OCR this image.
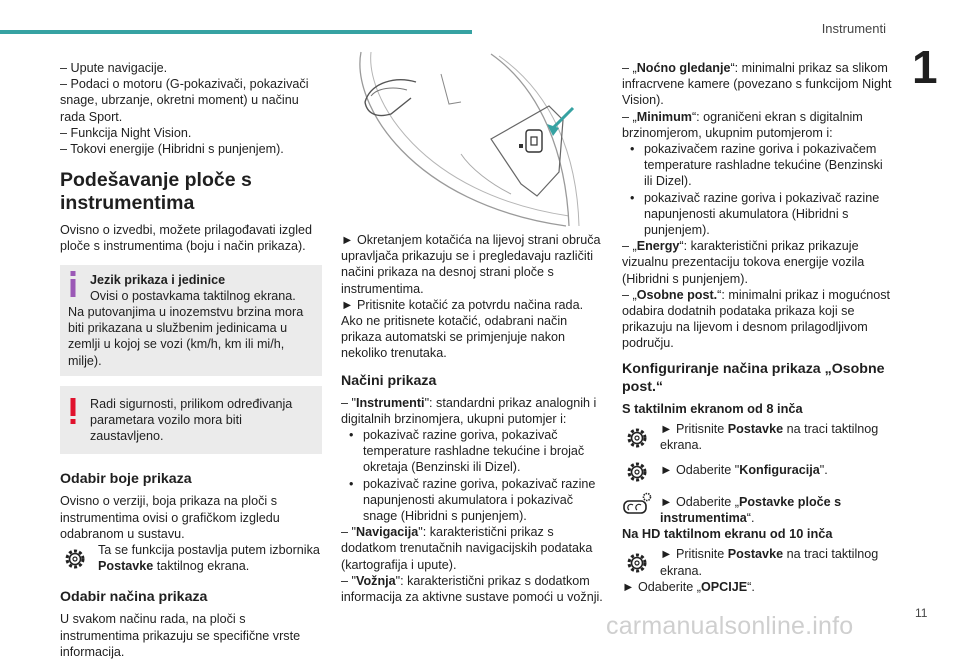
Instrumenti
1
11
carmanualsonline.info

– Upute navigacije.

– Podaci o motoru (G-pokazivači, pokazivači snage, ubrzanje, okretni moment) u načinu rada Sport.

– Funkcija Night Vision.

– Tokovi energije (Hibridni s punjenjem).

Podešavanje ploče s instrumentima

Ovisno o izvedbi, možete prilagođavati izgled ploče s instrumentima (boju i način prikaza).

Jezik prikaza i jedinice
Ovisi o postavkama taktilnog ekrana.
Na putovanjima u inozemstvu brzina mora biti prikazana u službenim jedinicama u zemlji u kojoj se vozi (km/h, km ili mi/h, milje).
Radi sigurnosti, prilikom određivanja parametara vozilo mora biti zaustavljeno.
Odabir boje prikaza

Ovisno o verziji, boja prikaza na ploči s instrumentima ovisi o grafičkom izgledu odabranom u sustavu.

Ta se funkcija postavlja putem izbornika Postavke taktilnog ekrana.
Odabir načina prikaza

U svakom načinu rada, na ploči s instrumentima prikazuju se specifične vrste informacija.

► Okretanjem kotačića na lijevoj strani obruča upravljača prikazuju se i pregledavaju različiti načini prikaza na desnoj strani ploče s instrumentima.

► Pritisnite kotačić za potvrdu načina rada.

Ako ne pritisnete kotačić, odabrani način prikaza automatski se primjenjuje nakon nekoliko trenutaka.

Načini prikaza

– "Instrumenti": standardni prikaz analognih i digitalnih brzinomjera, ukupni putomjer i:

• pokazivač razine goriva, pokazivač temperature rashladne tekućine i brojač okretaja (Benzinski ili Dizel).

• pokazivač razine goriva, pokazivač razine napunjenosti akumulatora i pokazivač snage (Hibridni s punjenjem).

– "Navigacija": karakteristični prikaz s dodatkom trenutačnih navigacijskih podataka (kartografija i upute).

– "Vožnja": karakteristični prikaz s dodatkom informacija za aktivne sustave pomoći u vožnji.

– „Noćno gledanje“: minimalni prikaz sa slikom infracrvene kamere (povezano s funkcijom Night Vision).

– „Minimum“: ograničeni ekran s digitalnim brzinomjerom, ukupnim putomjerom i:

• pokazivačem razine goriva i pokazivačem temperature rashladne tekućine (Benzinski ili Dizel).

• pokazivač razine goriva i pokazivač razine napunjenosti akumulatora (Hibridni s punjenjem).

– „Energy“: karakteristični prikaz prikazuje vizualnu prezentaciju tokova energije vozila (Hibridni s punjenjem).

– „Osobne post.“: minimalni prikaz i mogućnost odabira dodatnih podataka prikaza koji se prikazuju na lijevom i desnom prilagodljivom području.

Konfiguriranje načina prikaza „Osobne post.“
S taktilnim ekranom od 8 inča
► Pritisnite Postavke na traci taktilnog ekrana.
► Odaberite "Konfiguracija".
► Odaberite „Postavke ploče s instrumentima“.
Na HD taktilnom ekranu od 10 inča
► Pritisnite Postavke na traci taktilnog ekrana.

► Odaberite „OPCIJE“.
